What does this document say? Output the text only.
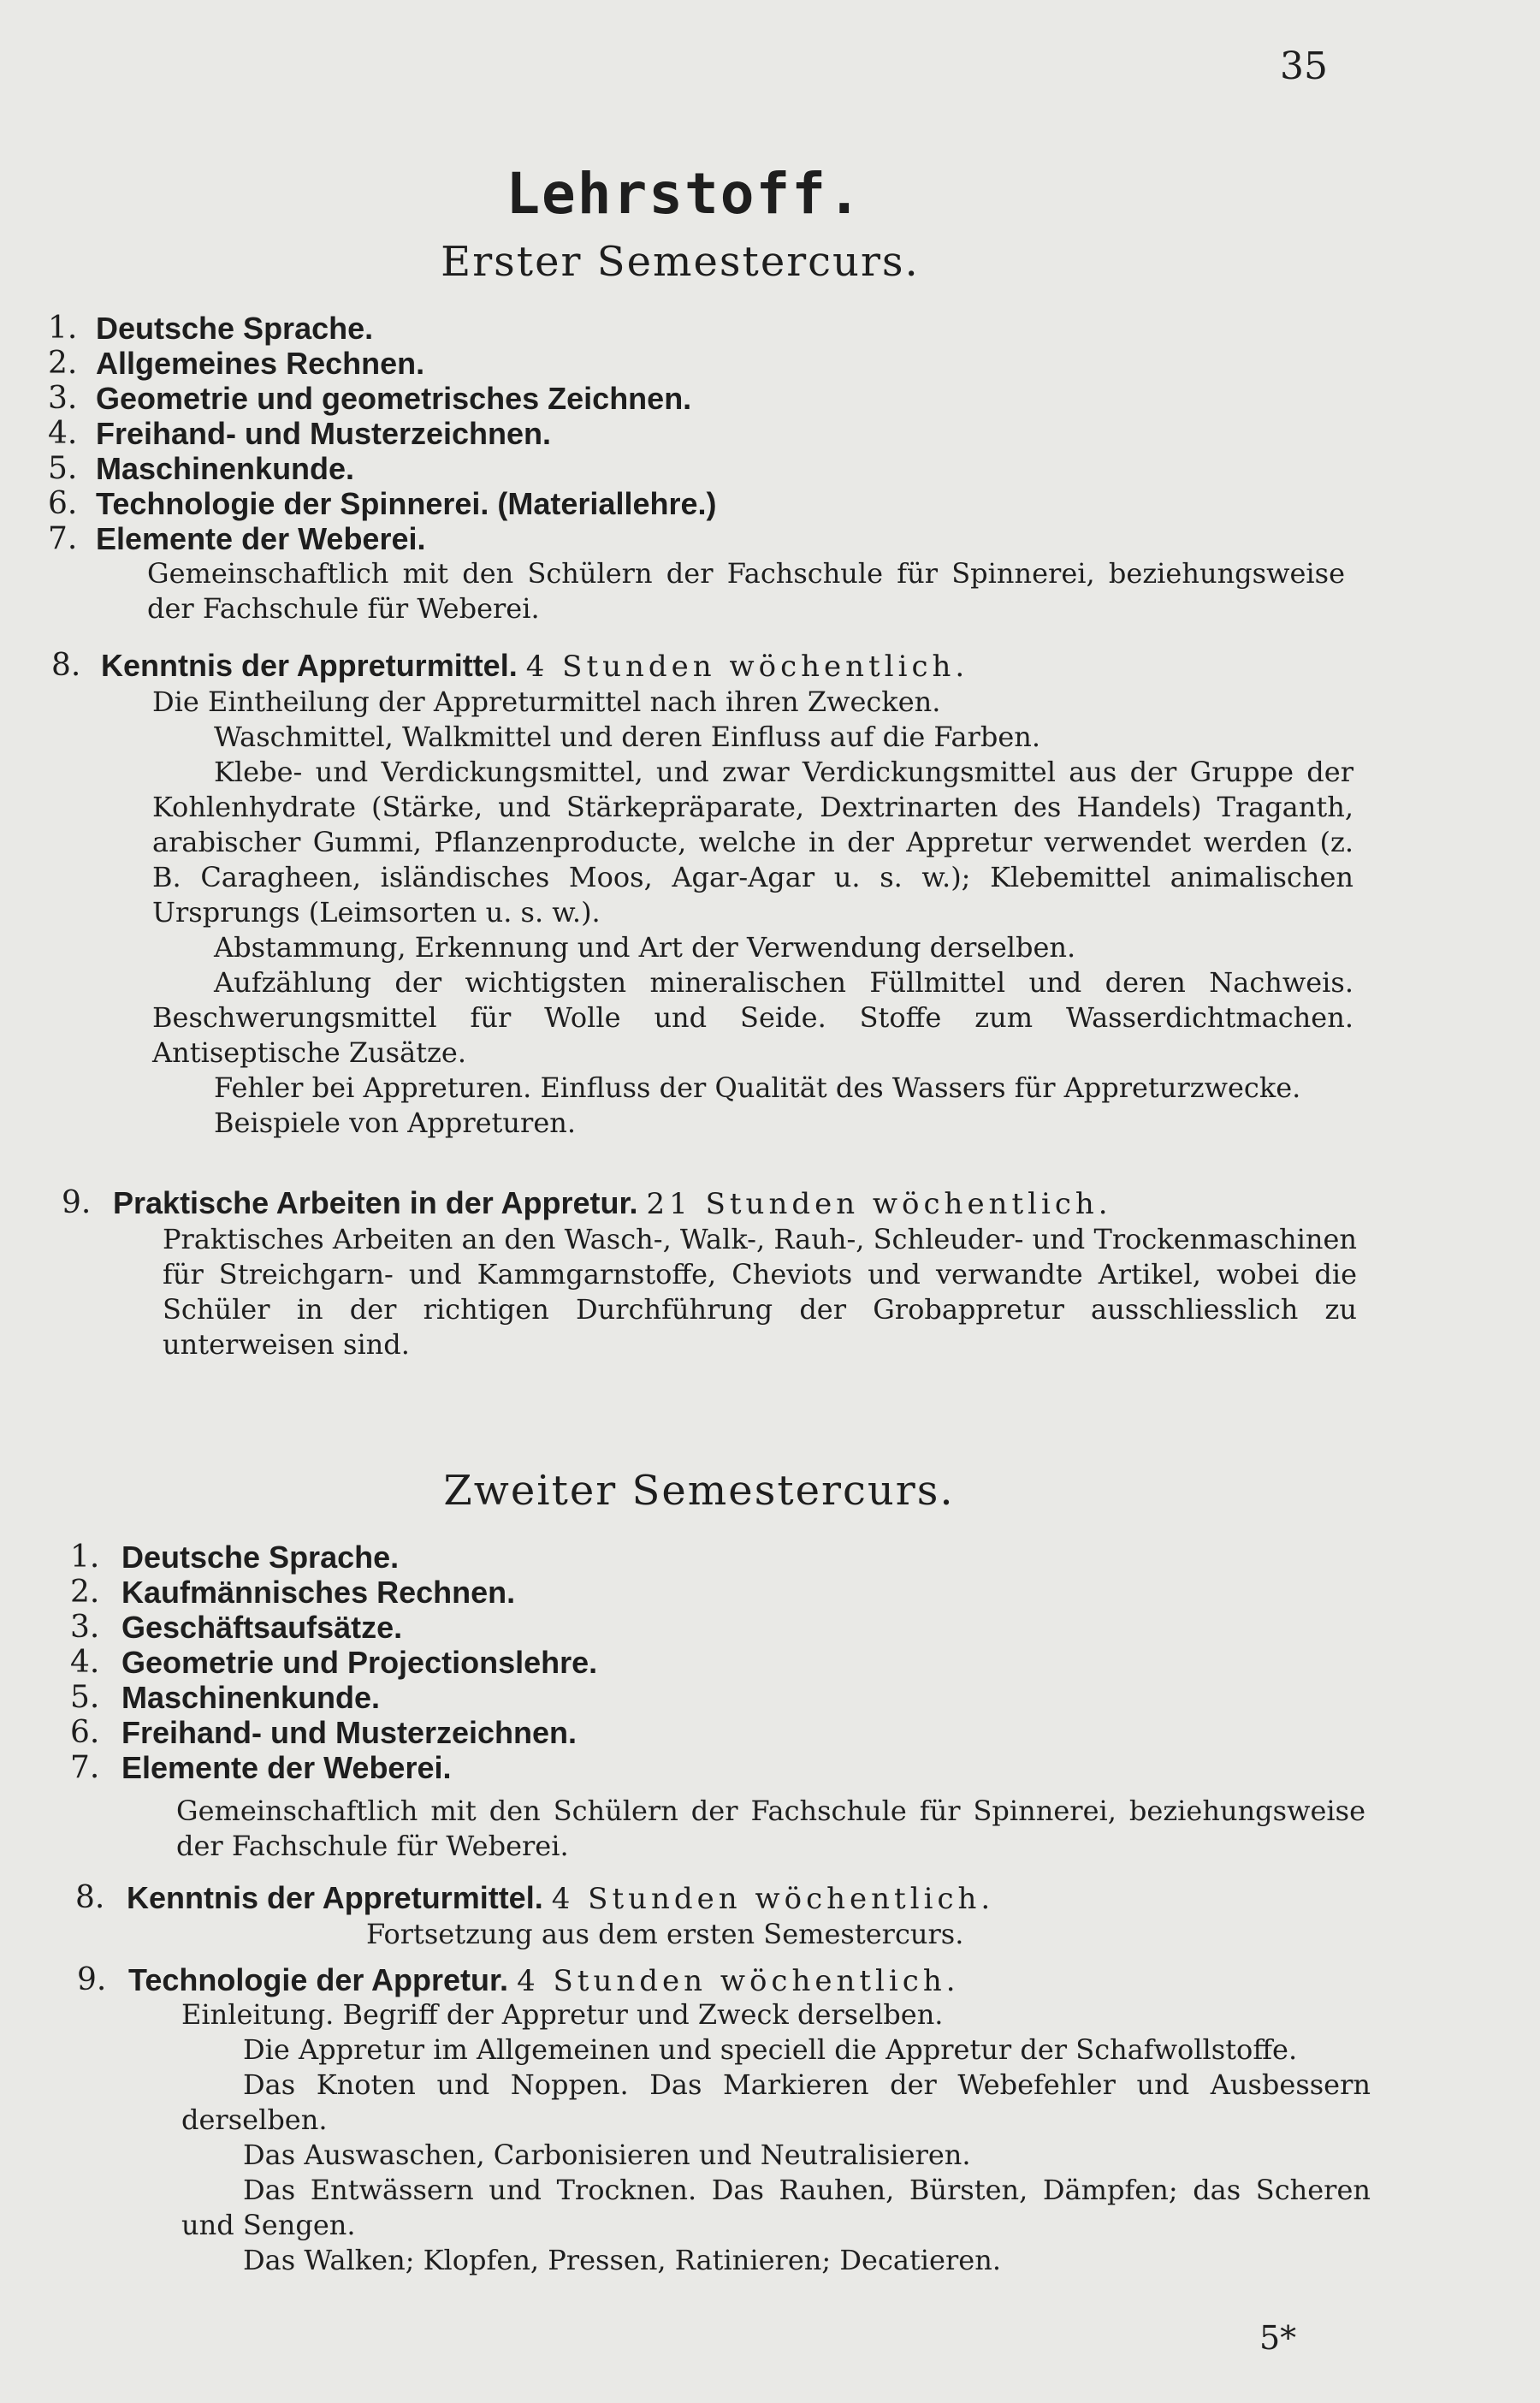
35
Lehrstoff.
Erster Semestercurs.
1. Deutsche Sprache.
2. Allgemeines Rechnen.
3. Geometrie und geometrisches Zeichnen.
4. Freihand- und Musterzeichnen.
5. Maschinenkunde.
6. Technologie der Spinnerei. (Materiallehre.)
7. Elemente der Weberei.
Gemeinschaftlich mit den Schülern der Fachschule für Spinnerei, beziehungsweise der Fachschule für Weberei.
8. Kenntnis der Appreturmittel. 4 Stunden wöchentlich.
Die Eintheilung der Appreturmittel nach ihren Zwecken.
Waschmittel, Walkmittel und deren Einfluss auf die Farben.
Klebe- und Verdickungsmittel, und zwar Verdickungsmittel aus der Gruppe der Kohlenhydrate (Stärke, und Stärkepräparate, Dextrinarten des Handels) Traganth, arabischer Gummi, Pflanzenproducte, welche in der Appretur verwendet werden (z. B. Caragheen, isländisches Moos, Agar-Agar u. s. w.); Klebemittel animalischen Ursprungs (Leimsorten u. s. w.).
Abstammung, Erkennung und Art der Verwendung derselben.
Aufzählung der wichtigsten mineralischen Füllmittel und deren Nachweis. Beschwerungsmittel für Wolle und Seide. Stoffe zum Wasserdichtmachen. Antiseptische Zusätze.
Fehler bei Appreturen. Einfluss der Qualität des Wassers für Appreturzwecke.
Beispiele von Appreturen.
9. Praktische Arbeiten in der Appretur. 21 Stunden wöchentlich.
Praktisches Arbeiten an den Wasch-, Walk-, Rauh-, Schleuder- und Trockenmaschinen für Streichgarn- und Kammgarnstoffe, Cheviots und verwandte Artikel, wobei die Schüler in der richtigen Durchführung der Grobappretur ausschliesslich zu unterweisen sind.
Zweiter Semestercurs.
1. Deutsche Sprache.
2. Kaufmännisches Rechnen.
3. Geschäftsaufsätze.
4. Geometrie und Projectionslehre.
5. Maschinenkunde.
6. Freihand- und Musterzeichnen.
7. Elemente der Weberei.
Gemeinschaftlich mit den Schülern der Fachschule für Spinnerei, beziehungsweise der Fachschule für Weberei.
8. Kenntnis der Appreturmittel. 4 Stunden wöchentlich.
Fortsetzung aus dem ersten Semestercurs.
9. Technologie der Appretur. 4 Stunden wöchentlich.
Einleitung. Begriff der Appretur und Zweck derselben.
Die Appretur im Allgemeinen und speciell die Appretur der Schafwollstoffe.
Das Knoten und Noppen. Das Markieren der Webefehler und Ausbessern derselben.
Das Auswaschen, Carbonisieren und Neutralisieren.
Das Entwässern und Trocknen. Das Rauhen, Bürsten, Dämpfen; das Scheren und Sengen.
Das Walken; Klopfen, Pressen, Ratinieren; Decatieren.
5*
